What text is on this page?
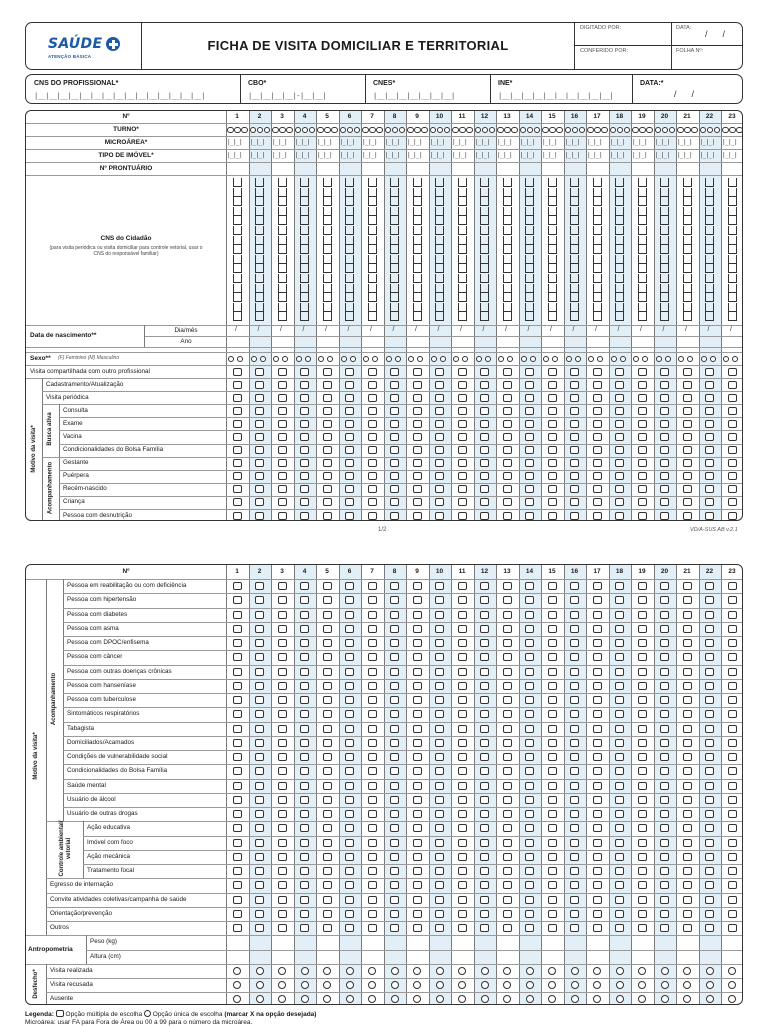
SAÚDE
ATENÇÃO BÁSICA
FICHA DE VISITA DOMICILIAR E TERRITORIAL
DIGITADO POR:	DATA:
/      /
CONFERIDO POR:	FOLHA Nº:
CNS DO PROFISSIONAL*
|__|__|__|__|__|__|__|__|__|__|__|__|__|__|__|
CBO*
|__|__|__|__|-|__|__|
CNES*
|__|__|__|__|__|__|__|
INE*
|__|__|__|__|__|__|__|__|__|__|
DATA:*
/      /
Nº	1	2	3	4	5	6	7	8	9	10	11	12	13	14	15	16	17	18	19	20	21	22	23
TURNO*
MICROÁREA*	|_|_| |_|_| |_|_| |_|_| |_|_| |_|_| |_|_| |_|_| |_|_| |_|_| |_|_| |_|_| |_|_| |_|_| |_|_| |_|_| |_|_| |_|_| |_|_| |_|_| |_|_| |_|_| |_|_|
TIPO DE IMÓVEL*	|_|_| |_|_| |_|_| |_|_| |_|_| |_|_| |_|_| |_|_| |_|_| |_|_| |_|_| |_|_| |_|_| |_|_| |_|_| |_|_| |_|_| |_|_| |_|_| |_|_| |_|_| |_|_| |_|_|
Nº PRONTUÁRIO
CNS do Cidadão
(para visita periódica ou visita domiciliar para controle vetorial, usar o CNS do responsável familiar)
Data de nascimento**
Dia/mês	/	/	/	/	/	/	/	/	/	/	/	/	/	/	/	/	/	/	/	/	/	/	/
Ano
Sexo** (F) Feminino (M) Masculino
Visita compartilhada com outro profissional
Motivo da visita*
Cadastramento/Atualização
Visita periódica
Consulta
Exame
Vacina
Condicionalidades do Bolsa Família
Busca ativa
Gestante
Puérpera
Recém-nascido
Criança
Pessoa com desnutrição
Acompanhamento
1/2	VD/A-SUS AB v.2.1
Nº	1	2	3	4	5	6	7	8	9	10	11	12	13	14	15	16	17	18	19	20	21	22	23
Motivo da visita*
Pessoa em reabilitação ou com deficiência
Pessoa com hipertensão
Pessoa com diabetes
Pessoa com asma
Pessoa com DPOC/enfisema
Pessoa com câncer
Pessoa com outras doenças crônicas
Pessoa com hanseníase
Pessoa com tuberculose
Sintomáticos respiratórios
Tabagista
Domiciliados/Acamados
Condições de vulnerabilidade social
Condicionalidades do Bolsa Família
Saúde mental
Usuário de álcool
Usuário de outras drogas
Acompanhamento
Ação educativa
Imóvel com foco
Ação mecânica
Tratamento focal
Controle ambiental/ vetorial
Egresso de internação
Convite atividades coletivas/campanha de saúde
Orientação/prevenção
Outros
Antropometria
Peso (kg)
Altura (cm)
Desfecho* Visita realizada
Visita recusada
Ausente
Legenda: Opção múltipla de escolha Opção única de escolha (marcar X na opção desejada)
Microárea: usar FA para Fora de Área ou 00 a 99 para o número da microárea.
